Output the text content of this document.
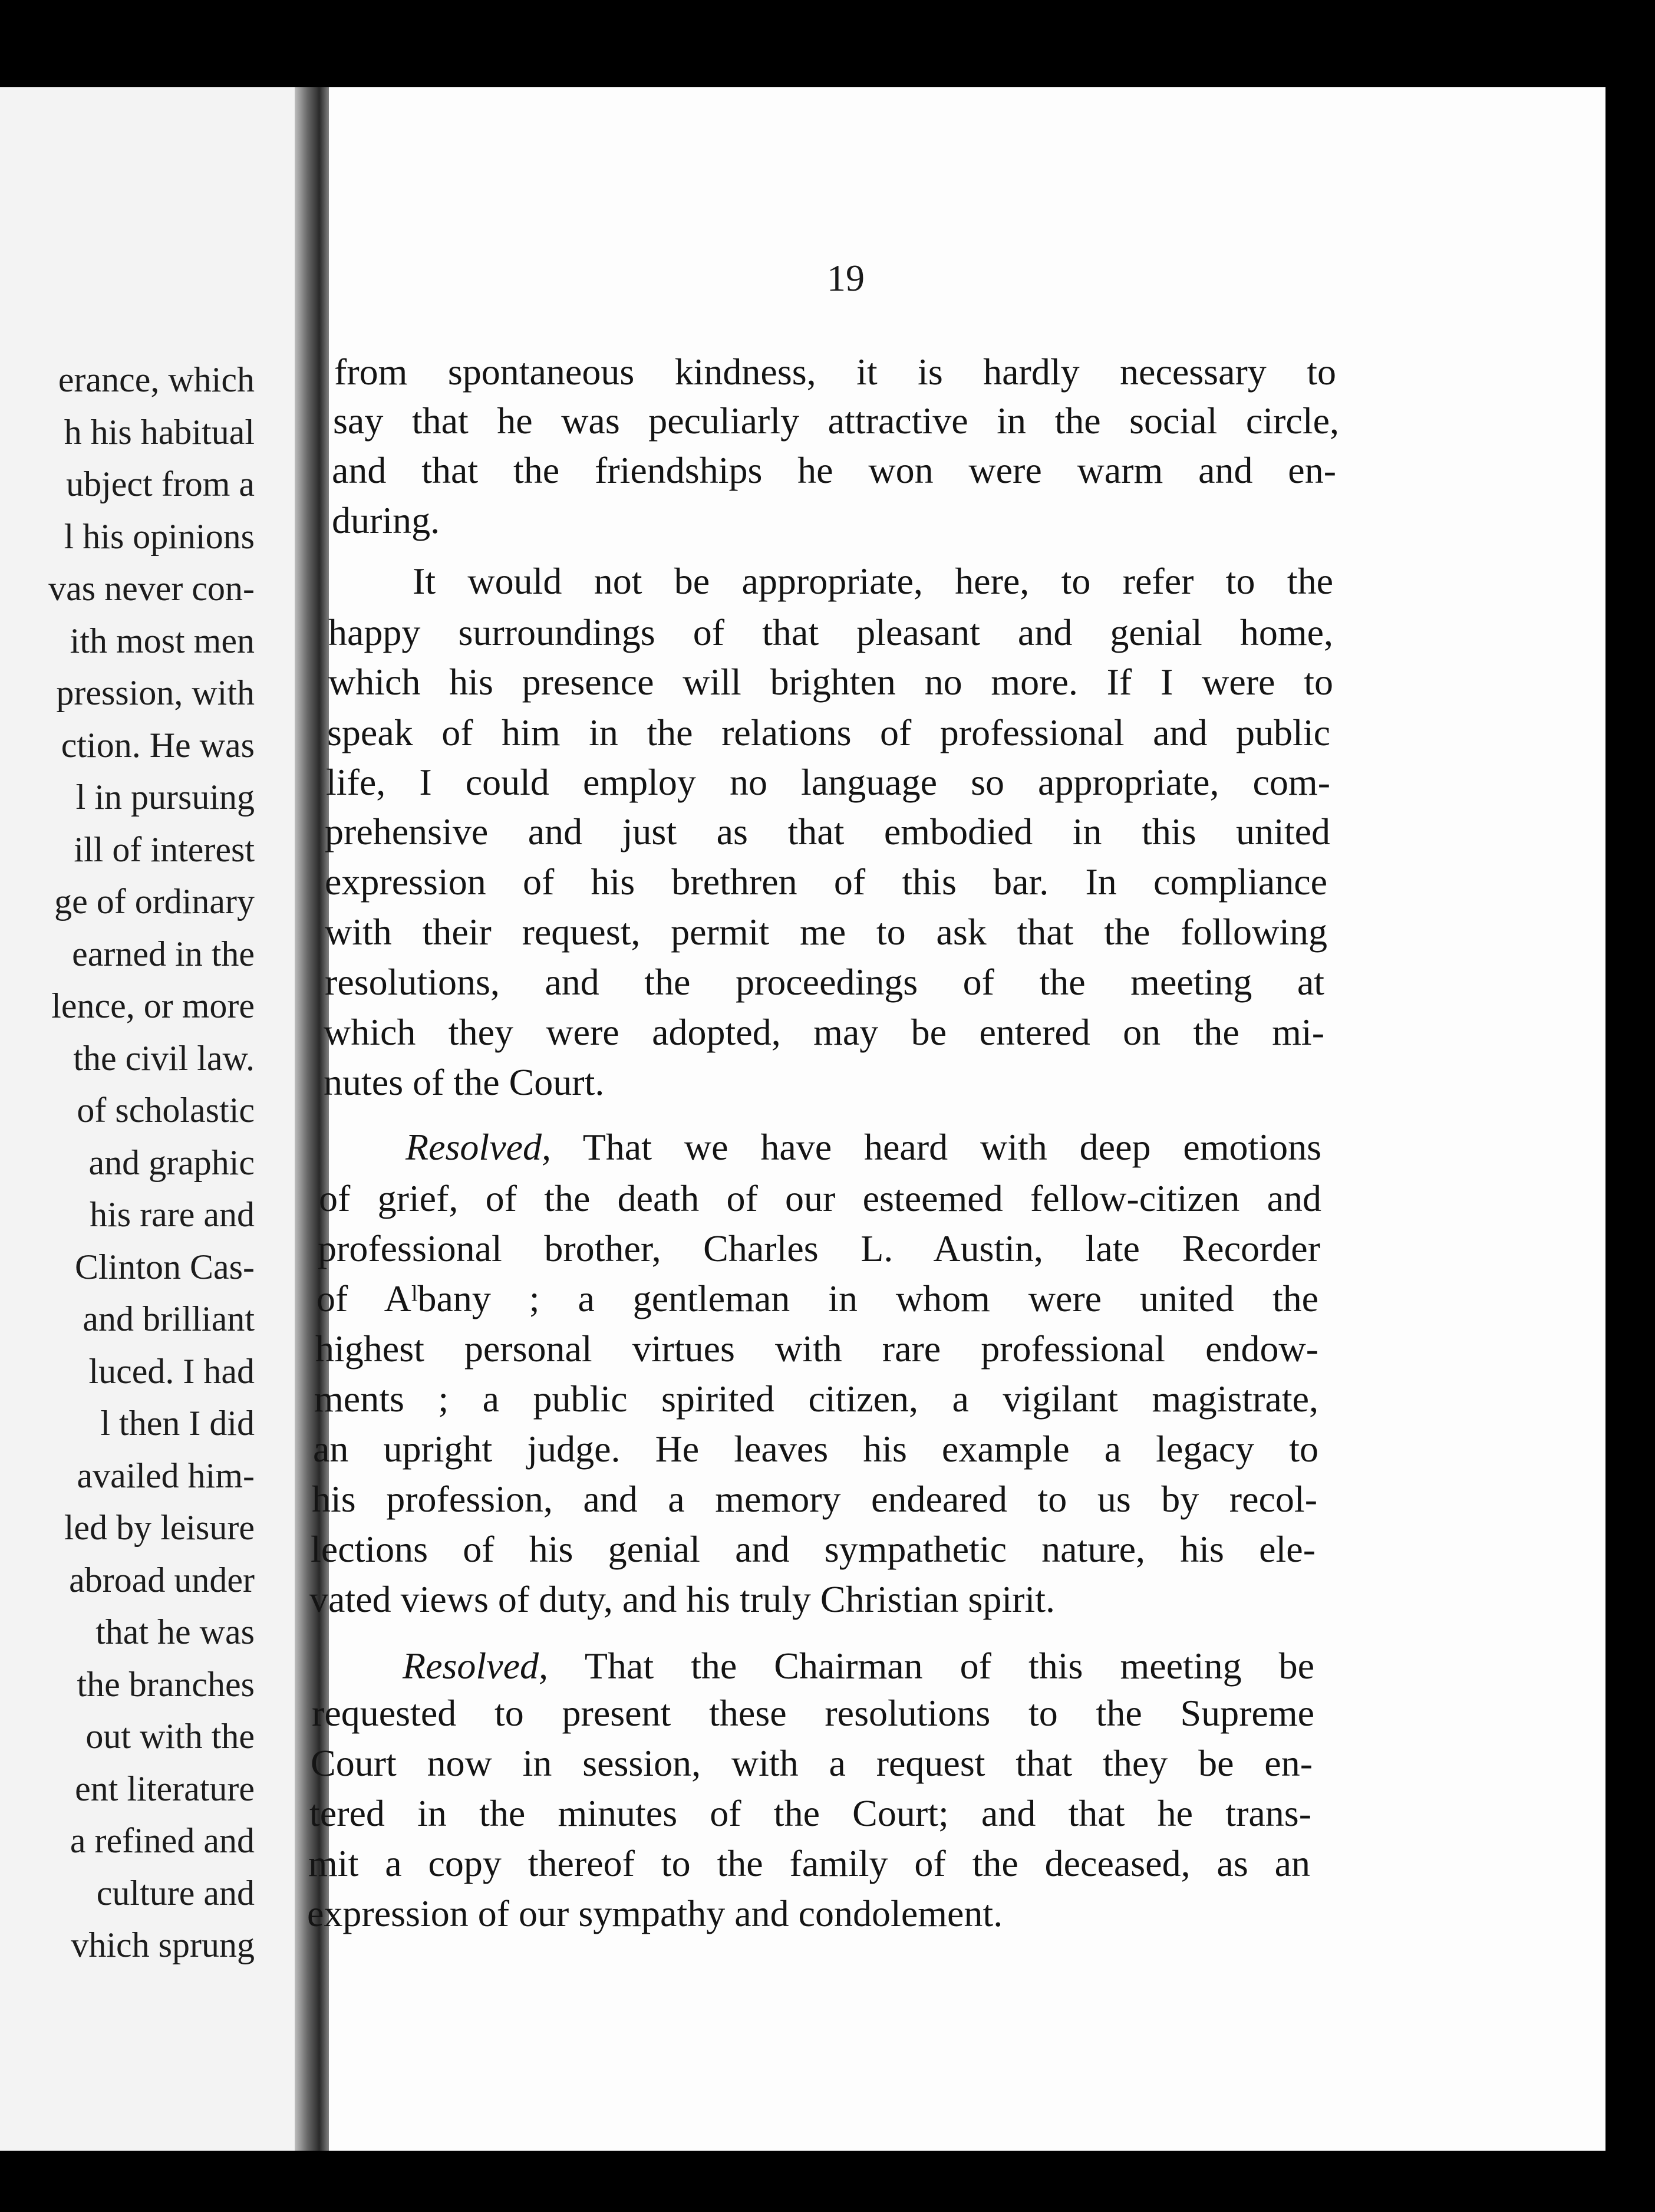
erance, which
h his habitual
ubject from a
l his opinions
vas never con-
ith most men
pression, with
ction. He was
l in pursuing
ill of interest
ge of ordinary
earned in the
lence, or more
the civil law.
of scholastic
and graphic
his rare and
Clinton Cas-
and brilliant
luced. I had
l then I did
availed him-
led by leisure
abroad under
that he was
the branches
out with the
ent literature
a refined and
culture and
vhich sprung
19
from spontaneous kindness, it is hardly necessary to
say that he was peculiarly attractive in the social circle,
and that the friendships he won were warm and en-
during.
It would not be appropriate, here, to refer to the
happy surroundings of that pleasant and genial home,
which his presence will brighten no more. If I were to
speak of him in the relations of professional and public
life, I could employ no language so appropriate, com-
prehensive and just as that embodied in this united
expression of his brethren of this bar. In compliance
with their request, permit me to ask that the following
resolutions, and the proceedings of the meeting at
which they were adopted, may be entered on the mi-
nutes of the Court.
Resolved, That we have heard with deep emotions
of grief, of the death of our esteemed fellow-citizen and
professional brother, Charles L. Austin, late Recorder
of Aˡbany ; a gentleman in whom were united the
highest personal virtues with rare professional endow-
ments ; a public spirited citizen, a vigilant magistrate,
an upright judge. He leaves his example a legacy to
his profession, and a memory endeared to us by recol-
lections of his genial and sympathetic nature, his ele-
vated views of duty, and his truly Christian spirit.
Resolved, That the Chairman of this meeting be
requested to present these resolutions to the Supreme
Court now in session, with a request that they be en-
tered in the minutes of the Court; and that he trans-
mit a copy thereof to the family of the deceased, as an
expression of our sympathy and condolement.
